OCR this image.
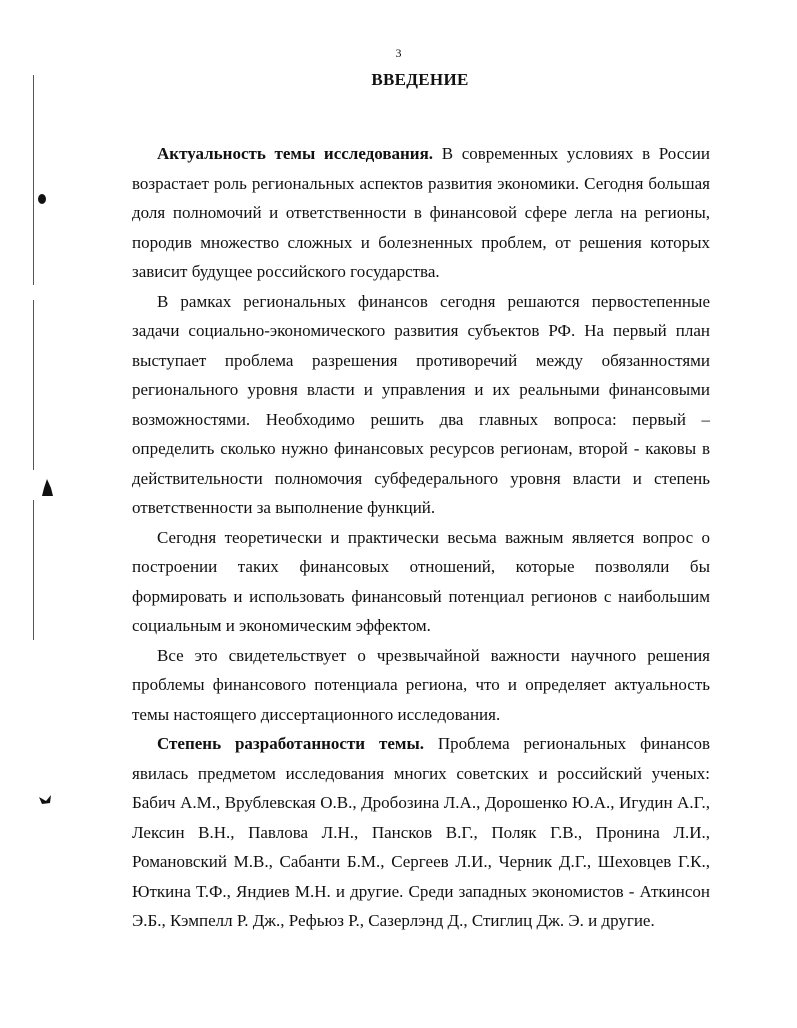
3
ВВЕДЕНИЕ

Актуальность темы исследования. В современных условиях в России возрастает роль региональных аспектов развития экономики. Сегодня большая доля полномочий и ответственности в финансовой сфере легла на регионы, породив множество сложных и болезненных проблем, от решения которых зависит будущее российского государства.

В рамках региональных финансов сегодня решаются первостепенные задачи социально-экономического развития субъектов РФ. На первый план выступает проблема разрешения противоречий между обязанностями регионального уровня власти и управления и их реальными финансовыми возможностями. Необходимо решить два главных вопроса: первый – определить сколько нужно финансовых ресурсов регионам, второй - каковы в действительности полномочия субфедерального уровня власти и степень ответственности за выполнение функций.

Сегодня теоретически и практически весьма важным является вопрос о построении таких финансовых отношений, которые позволяли бы формировать и использовать финансовый потенциал регионов с наибольшим социальным и экономическим эффектом.

Все это свидетельствует о чрезвычайной важности научного решения проблемы финансового потенциала региона, что и определяет актуальность темы настоящего диссертационного исследования.

Степень разработанности темы. Проблема региональных финансов явилась предметом исследования многих советских и российский ученых: Бабич А.М., Врублевская О.В., Дробозина Л.А., Дорошенко Ю.А., Игудин А.Г., Лексин В.Н., Павлова Л.Н., Пансков В.Г., Поляк Г.В., Пронина Л.И., Романовский М.В., Сабанти Б.М., Сергеев Л.И., Черник Д.Г., Шеховцев Г.К., Юткина Т.Ф., Яндиев М.Н. и другие. Среди западных экономистов - Аткинсон Э.Б., Кэмпелл Р. Дж., Рефьюз Р., Сазерлэнд Д., Стиглиц Дж. Э. и другие.
